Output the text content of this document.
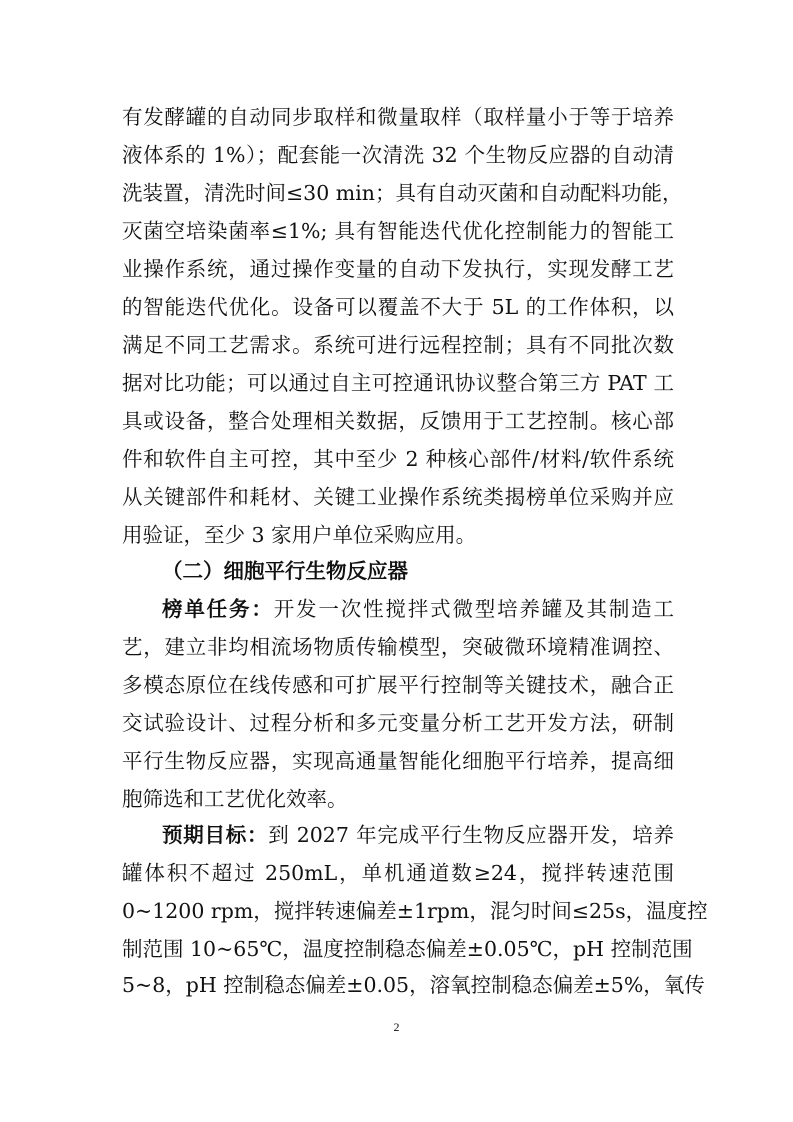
有发酵罐的自动同步取样和微量取样（取样量小于等于培养
液体系的 1%）；配套能一次清洗 32 个生物反应器的自动清
洗装置，清洗时间≤30 min；具有自动灭菌和自动配料功能，
灭菌空培染菌率≤1%; 具有智能迭代优化控制能力的智能工
业操作系统，通过操作变量的自动下发执行，实现发酵工艺
的智能迭代优化。设备可以覆盖不大于 5L 的工作体积，以
满足不同工艺需求。系统可进行远程控制；具有不同批次数
据对比功能；可以通过自主可控通讯协议整合第三方 PAT 工
具或设备，整合处理相关数据，反馈用于工艺控制。核心部
件和软件自主可控，其中至少 2 种核心部件/材料/软件系统
从关键部件和耗材、关键工业操作系统类揭榜单位采购并应
用验证，至少 3 家用户单位采购应用。
（二）细胞平行生物反应器
榜单任务：开发一次性搅拌式微型培养罐及其制造工
艺，建立非均相流场物质传输模型，突破微环境精准调控、
多模态原位在线传感和可扩展平行控制等关键技术，融合正
交试验设计、过程分析和多元变量分析工艺开发方法，研制
平行生物反应器，实现高通量智能化细胞平行培养，提高细
胞筛选和工艺优化效率。
预期目标：到 2027 年完成平行生物反应器开发，培养
罐体积不超过 250mL，单机通道数≥24，搅拌转速范围
0~1200 rpm，搅拌转速偏差±1rpm，混匀时间≤25s，温度控
制范围 10~65℃，温度控制稳态偏差±0.05℃，pH 控制范围
5~8，pH 控制稳态偏差±0.05，溶氧控制稳态偏差±5%，氧传
2
